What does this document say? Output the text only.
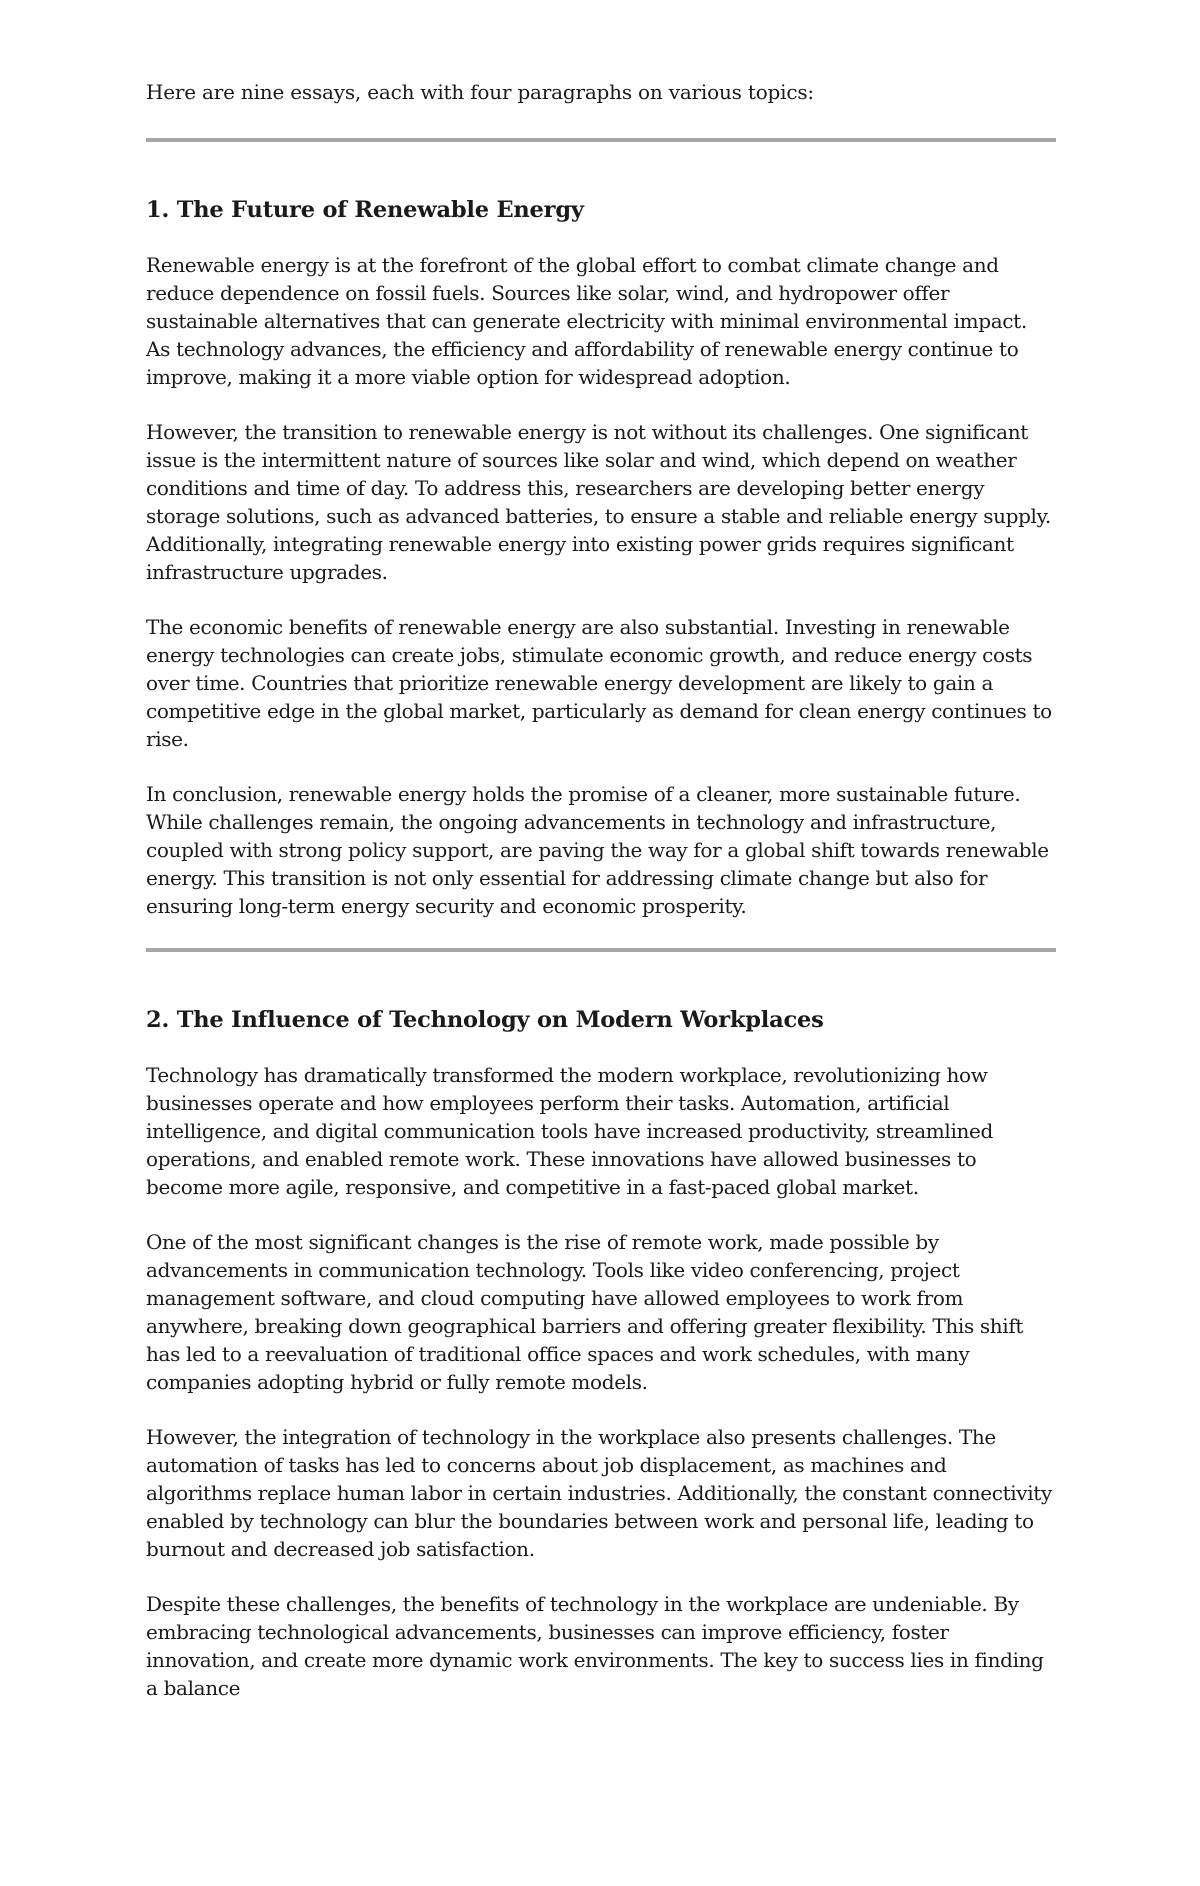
Here are nine essays, each with four paragraphs on various topics:

1. The Future of Renewable Energy

Renewable energy is at the forefront of the global effort to combat climate change and reduce dependence on fossil fuels. Sources like solar, wind, and hydropower offer sustainable alternatives that can generate electricity with minimal environmental impact. As technology advances, the efficiency and affordability of renewable energy continue to improve, making it a more viable option for widespread adoption.

However, the transition to renewable energy is not without its challenges. One significant issue is the intermittent nature of sources like solar and wind, which depend on weather conditions and time of day. To address this, researchers are developing better energy storage solutions, such as advanced batteries, to ensure a stable and reliable energy supply. Additionally, integrating renewable energy into existing power grids requires significant infrastructure upgrades.

The economic benefits of renewable energy are also substantial. Investing in renewable energy technologies can create jobs, stimulate economic growth, and reduce energy costs over time. Countries that prioritize renewable energy development are likely to gain a competitive edge in the global market, particularly as demand for clean energy continues to rise.

In conclusion, renewable energy holds the promise of a cleaner, more sustainable future. While challenges remain, the ongoing advancements in technology and infrastructure, coupled with strong policy support, are paving the way for a global shift towards renewable energy. This transition is not only essential for addressing climate change but also for ensuring long-term energy security and economic prosperity.

2. The Influence of Technology on Modern Workplaces

Technology has dramatically transformed the modern workplace, revolutionizing how businesses operate and how employees perform their tasks. Automation, artificial intelligence, and digital communication tools have increased productivity, streamlined operations, and enabled remote work. These innovations have allowed businesses to become more agile, responsive, and competitive in a fast-paced global market.

One of the most significant changes is the rise of remote work, made possible by advancements in communication technology. Tools like video conferencing, project management software, and cloud computing have allowed employees to work from anywhere, breaking down geographical barriers and offering greater flexibility. This shift has led to a reevaluation of traditional office spaces and work schedules, with many companies adopting hybrid or fully remote models.

However, the integration of technology in the workplace also presents challenges. The automation of tasks has led to concerns about job displacement, as machines and algorithms replace human labor in certain industries. Additionally, the constant connectivity enabled by technology can blur the boundaries between work and personal life, leading to burnout and decreased job satisfaction.

Despite these challenges, the benefits of technology in the workplace are undeniable. By embracing technological advancements, businesses can improve efficiency, foster innovation, and create more dynamic work environments. The key to success lies in finding a balance
